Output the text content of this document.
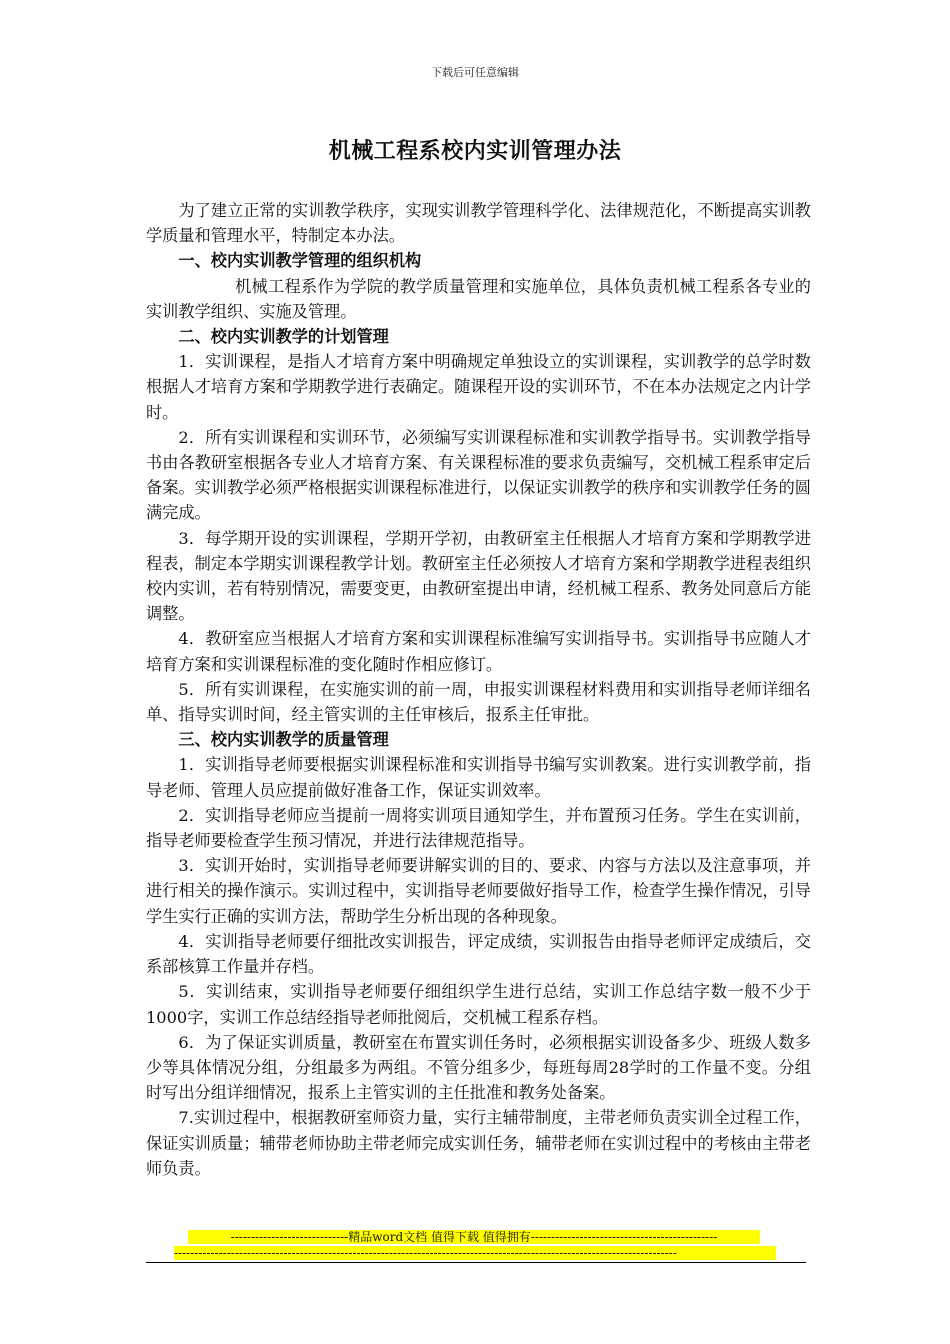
下载后可任意编辑
机械工程系校内实训管理办法

为了建立正常的实训教学秩序，实现实训教学管理科学化、法律规范化，不断提高实训教学质量和管理水平，特制定本办法。

一、校内实训教学管理的组织机构

机械工程系作为学院的教学质量管理和实施单位，具体负责机械工程系各专业的实训教学组织、实施及管理。

二、校内实训教学的计划管理

1．实训课程，是指人才培育方案中明确规定单独设立的实训课程，实训教学的总学时数根据人才培育方案和学期教学进行表确定。随课程开设的实训环节，不在本办法规定之内计学时。

2．所有实训课程和实训环节，必须编写实训课程标准和实训教学指导书。实训教学指导书由各教研室根据各专业人才培育方案、有关课程标准的要求负责编写，交机械工程系审定后备案。实训教学必须严格根据实训课程标准进行，以保证实训教学的秩序和实训教学任务的圆满完成。

3．每学期开设的实训课程，学期开学初，由教研室主任根据人才培育方案和学期教学进程表，制定本学期实训课程教学计划。教研室主任必须按人才培育方案和学期教学进程表组织校内实训，若有特别情况，需要变更，由教研室提出申请，经机械工程系、教务处同意后方能调整。

4．教研室应当根据人才培育方案和实训课程标准编写实训指导书。实训指导书应随人才培育方案和实训课程标准的变化随时作相应修订。

5．所有实训课程，在实施实训的前一周，申报实训课程材料费用和实训指导老师详细名单、指导实训时间，经主管实训的主任审核后，报系主任审批。

三、校内实训教学的质量管理

1．实训指导老师要根据实训课程标准和实训指导书编写实训教案。进行实训教学前，指导老师、管理人员应提前做好准备工作，保证实训效率。

2．实训指导老师应当提前一周将实训项目通知学生，并布置预习任务。学生在实训前，指导老师要检查学生预习情况，并进行法律规范指导。

3．实训开始时，实训指导老师要讲解实训的目的、要求、内容与方法以及注意事项，并进行相关的操作演示。实训过程中，实训指导老师要做好指导工作，检查学生操作情况，引导学生实行正确的实训方法，帮助学生分析出现的各种现象。

4．实训指导老师要仔细批改实训报告，评定成绩，实训报告由指导老师评定成绩后，交系部核算工作量并存档。

5．实训结束，实训指导老师要仔细组织学生进行总结，实训工作总结字数一般不少于1000字，实训工作总结经指导老师批阅后，交机械工程系存档。

6．为了保证实训质量，教研室在布置实训任务时，必须根据实训设备多少、班级人数多少等具体情况分组，分组最多为两组。不管分组多少，每班每周28学时的工作量不变。分组时写出分组详细情况，报系上主管实训的主任批准和教务处备案。

7.实训过程中，根据教研室师资力量，实行主辅带制度，主带老师负责实训全过程工作，保证实训质量；辅带老师协助主带老师完成实训任务，辅带老师在实训过程中的考核由主带老师负责。

-----------------------------精品word文档 值得下载 值得拥有----------------------------------------------
----------------------------------------------------------------------------------------------------------------------------
